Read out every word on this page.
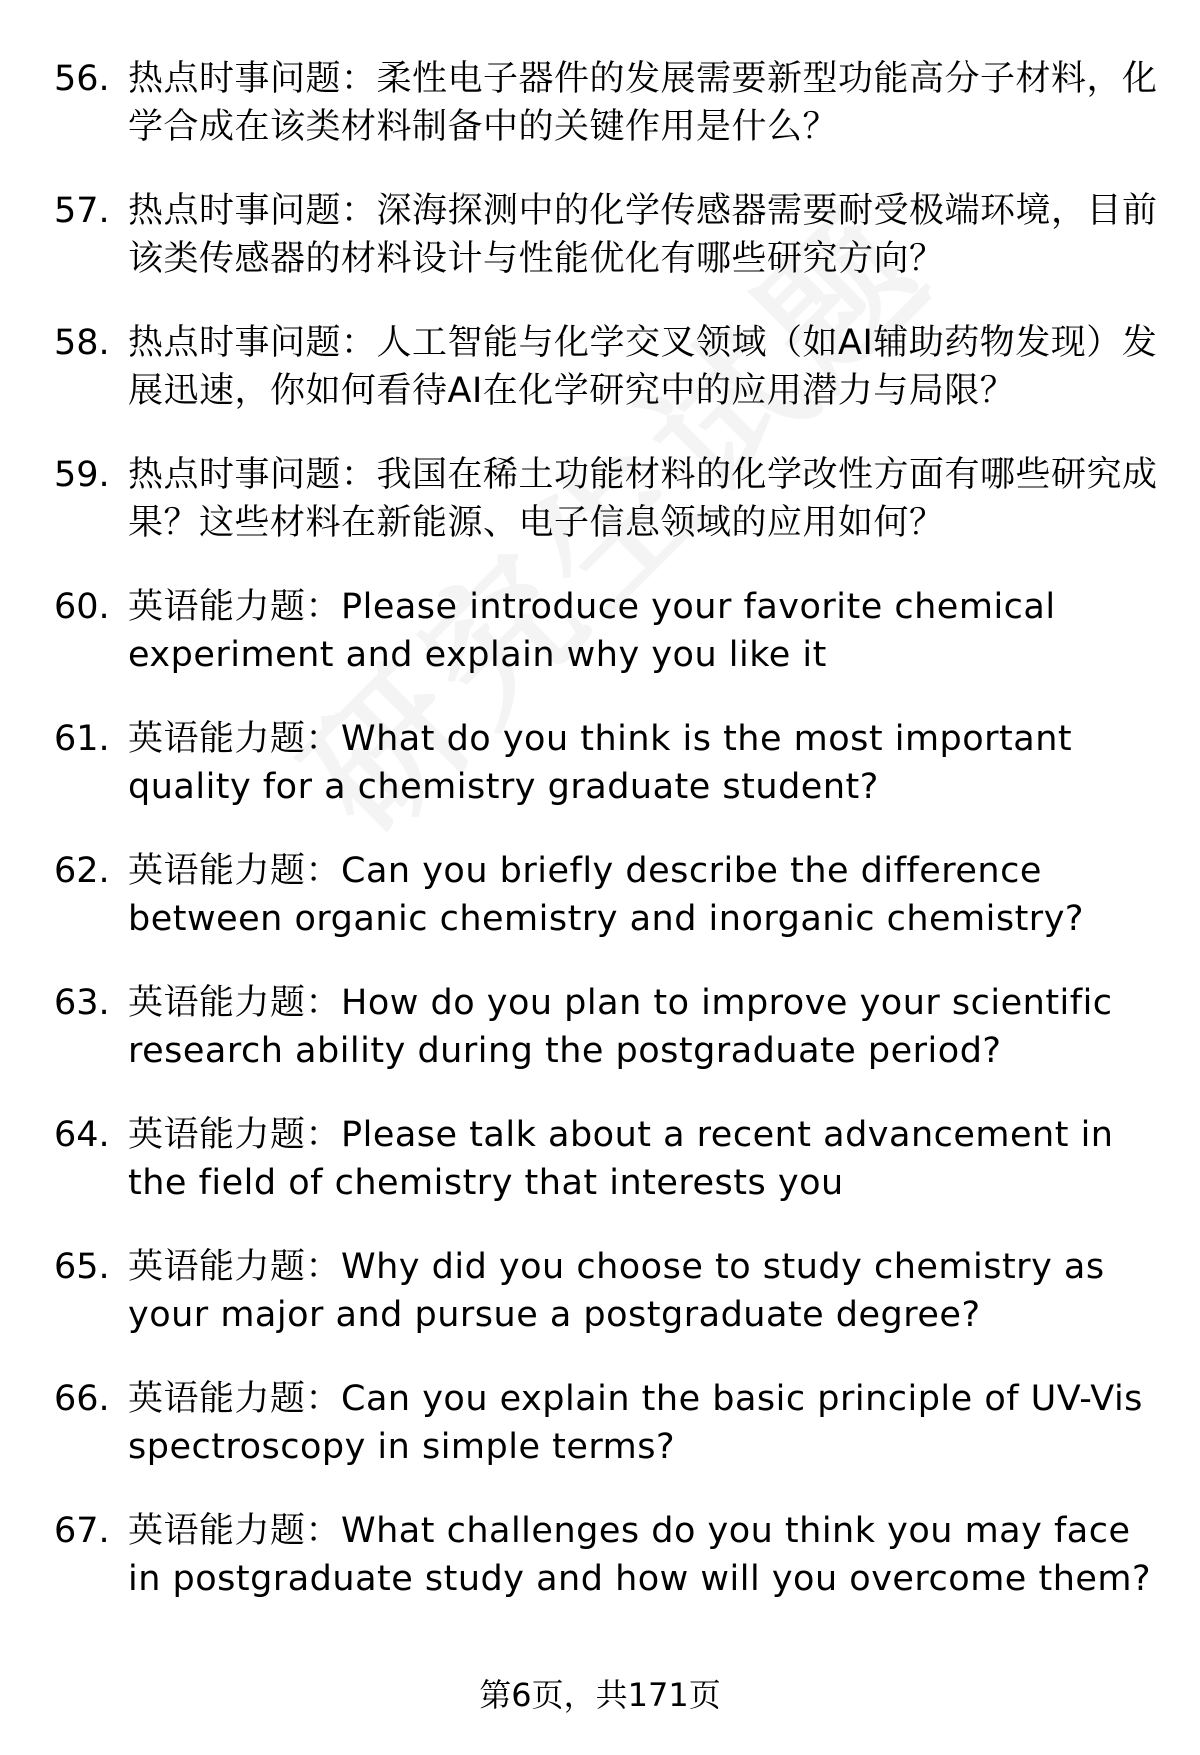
56. 热点时事问题：柔性电子器件的发展需要新型功能高分子材料，化学合成在该类材料制备中的关键作用是什么？
57. 热点时事问题：深海探测中的化学传感器需要耐受极端环境，目前该类传感器的材料设计与性能优化有哪些研究方向？
58. 热点时事问题：人工智能与化学交叉领域（如AI辅助药物发现）发展迅速，你如何看待AI在化学研究中的应用潜力与局限？
59. 热点时事问题：我国在稀土功能材料的化学改性方面有哪些研究成果？这些材料在新能源、电子信息领域的应用如何？
60. 英语能力题：Please introduce your favorite chemical experiment and explain why you like it
61. 英语能力题：What do you think is the most important quality for a chemistry graduate student?
62. 英语能力题：Can you briefly describe the difference between organic chemistry and inorganic chemistry?
63. 英语能力题：How do you plan to improve your scientific research ability during the postgraduate period?
64. 英语能力题：Please talk about a recent advancement in the field of chemistry that interests you
65. 英语能力题：Why did you choose to study chemistry as your major and pursue a postgraduate degree?
66. 英语能力题：Can you explain the basic principle of UV-Vis spectroscopy in simple terms?
67. 英语能力题：What challenges do you think you may face in postgraduate study and how will you overcome them?
第6页，共171页
